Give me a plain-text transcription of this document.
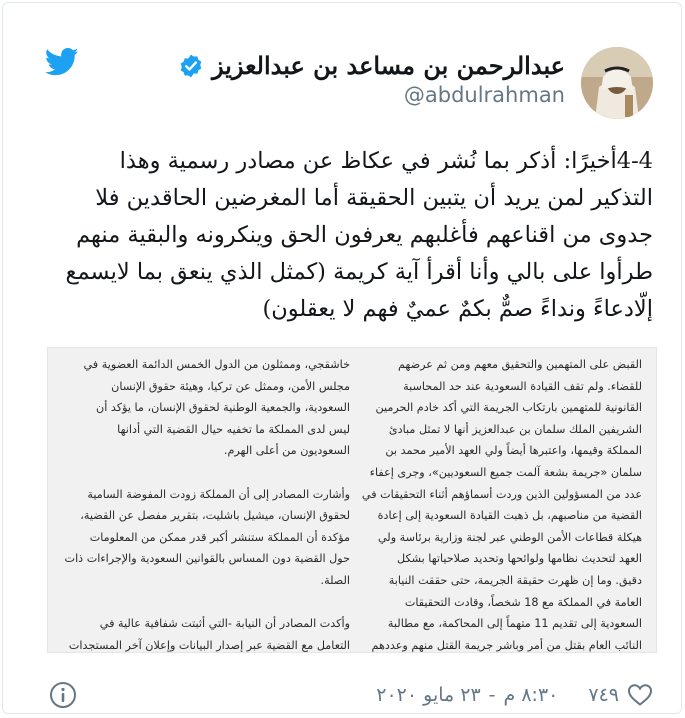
عبدالرحمن بن مساعد بن عبدالعزيز
@abdulrahman

4-4أخيرًا: أذكر بما نُشر في عكاظ عن مصادر رسمية وهذا

التذكير لمن يريد أن يتبين الحقيقة أما المغرضين الحاقدين فلا

جدوى من اقناعهم فأغلبهم يعرفون الحق وينكرونه والبقية منهم

طرأوا على بالي وأنا أقرأ آية كريمة (كمثل الذي ينعق بما لايسمع

إلّادعاءً ونداءً صمٌّ بكمٌ عميٌ فهم لا يعقلون)

القبض على المتهمين والتحقيق معهم ومن ثم عرضهم

للقضاء. ولم تقف القيادة السعودية عند حد المحاسبة

القانونية للمتهمين بارتكاب الجريمة التي أكد خادم الحرمين

الشريفين الملك سلمان بن عبدالعزيز أنها لا تمثل مبادئ

المملكة وقيمها، واعتبرها أيضاً ولي العهد الأمير محمد بن

سلمان «جريمة بشعة آلمت جميع السعوديين»، وجرى إعفاء

عدد من المسؤولين الذين وردت أسماؤهم أثناء التحقيقات في

القضية من مناصبهم، بل ذهبت القيادة السعودية إلى إعادة

هيكلة قطاعات الأمن الوطني عبر لجنة وزارية برئاسة ولي

العهد لتحديث نظامها ولوائحها وتحديد صلاحياتها بشكل

دقيق. وما إن ظهرت حقيقة الجريمة، حتى حققت النيابة

العامة في المملكة مع 18 شخصاً، وقادت التحقيقات

السعودية إلى تقديم 11 متهماً إلى المحاكمة، مع مطالبة

النائب العام بقتل من أمر وباشر جريمة القتل منهم وعددهم

خاشقجي، وممثلون من الدول الخمس الدائمة العضوية في

مجلس الأمن، وممثل عن تركيا، وهيئة حقوق الإنسان

السعودية، والجمعية الوطنية لحقوق الإنسان، ما يؤكد أن

ليس لدى المملكة ما تخفيه حيال القضية التي أدانها

السعوديون من أعلى الهرم.

وأشارت المصادر إلى أن المملكة زودت المفوضة السامية

لحقوق الإنسان، ميشيل باشليت، بتقرير مفصل عن القضية،

مؤكدة أن المملكة ستنشر أكبر قدر ممكن من المعلومات

حول القضية دون المساس بالقوانين السعودية والإجراءات ذات

الصلة.

وأكدت المصادر أن النيابة -التي أثبتت شفافية عالية في

التعامل مع القضية عبر إصدار البيانات وإعلان آخر المستجدات

٧٤٩
٨:٣٠ م
-
٢٣ مايو ٢٠٢٠
